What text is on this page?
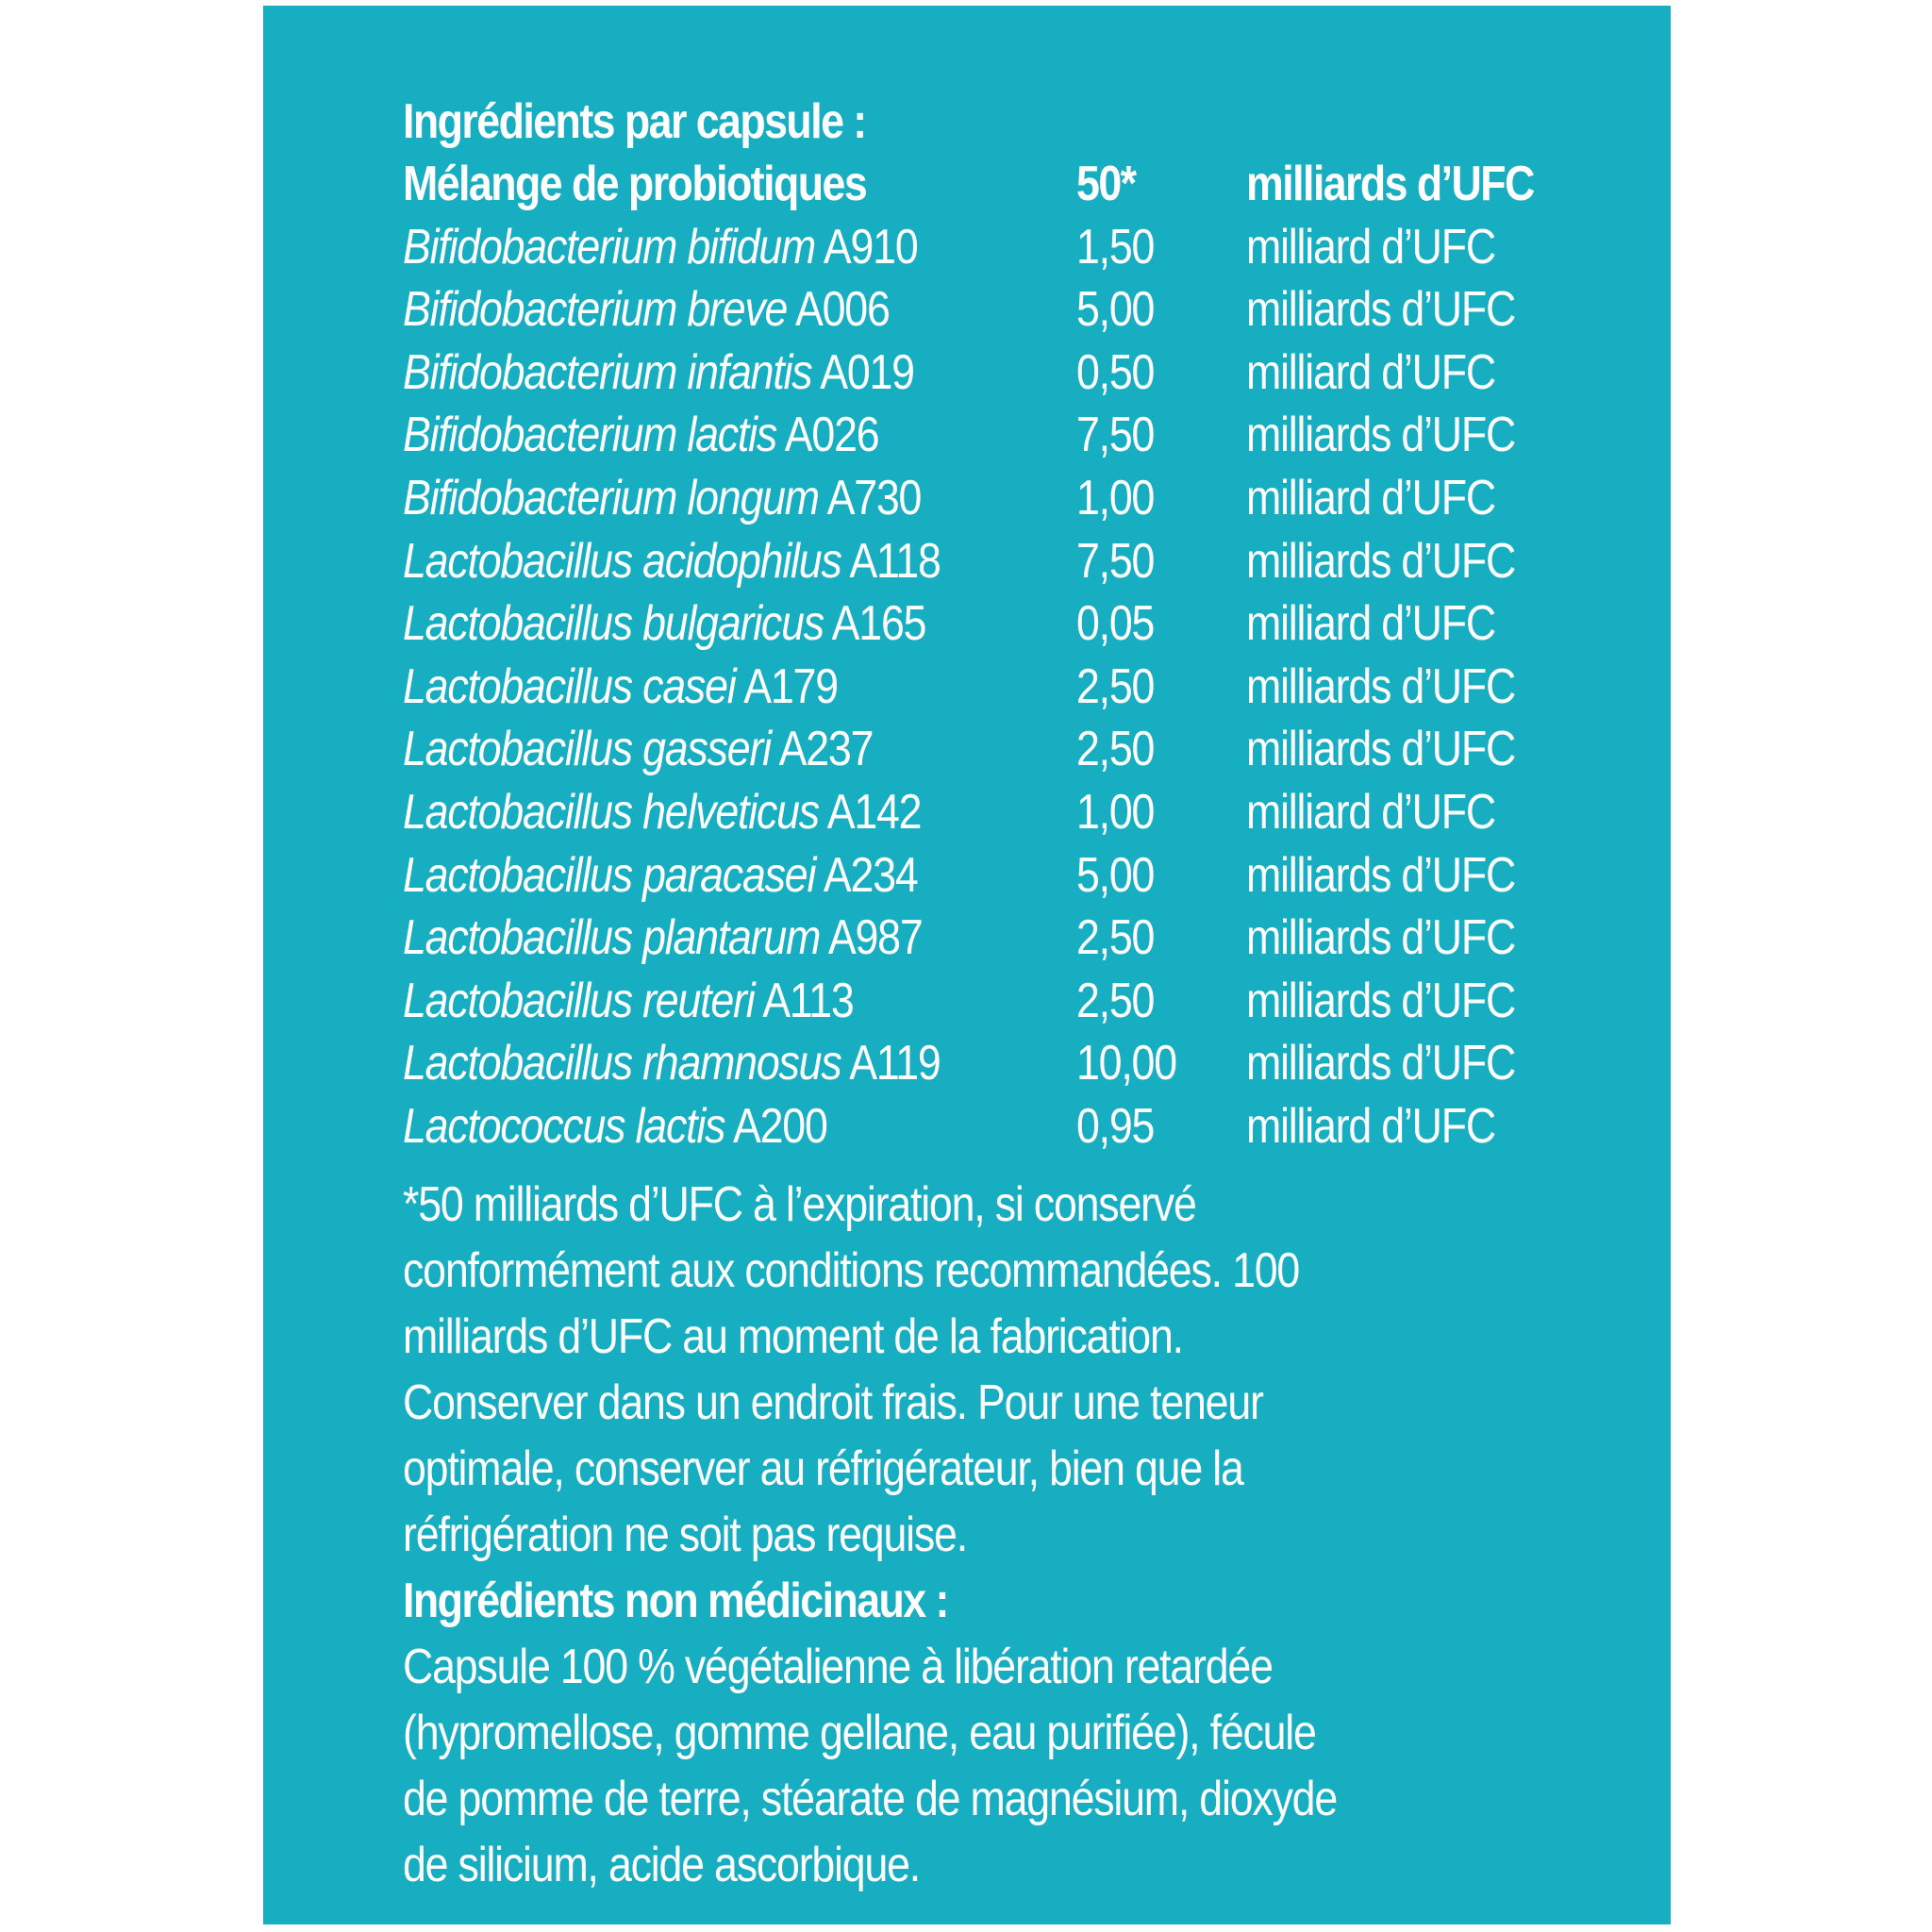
Ingrédients par capsule :
Mélange de probiotiques	50* milliards d’UFC
Bifidobacterium bifidum A910	1,50 milliard d’UFC
Bifidobacterium breve A006	5,00 milliards d’UFC
Bifidobacterium infantis A019	0,50 milliard d’UFC
Bifidobacterium lactis A026	7,50 milliards d’UFC
Bifidobacterium longum A730	1,00 milliard d’UFC
Lactobacillus acidophilus A118	7,50 milliards d’UFC
Lactobacillus bulgaricus A165	0,05 milliard d’UFC
Lactobacillus casei A179	2,50 milliards d’UFC
Lactobacillus gasseri A237	2,50 milliards d’UFC
Lactobacillus helveticus A142	1,00 milliard d’UFC
Lactobacillus paracasei A234	5,00 milliards d’UFC
Lactobacillus plantarum A987	2,50 milliards d’UFC
Lactobacillus reuteri A113	2,50 milliards d’UFC
Lactobacillus rhamnosus A119	10,00 milliards d’UFC
Lactococcus lactis A200	0,95 milliard d’UFC

*50 milliards d’UFC à l’expiration, si conservé conformément aux conditions recommandées. 100 milliards d’UFC au moment de la fabrication. Conserver dans un endroit frais. Pour une teneur optimale, conserver au réfrigérateur, bien que la réfrigération ne soit pas requise.

Ingrédients non médicinaux :

Capsule 100 % végétalienne à libération retardée (hypromellose, gomme gellane, eau purifiée), fécule de pomme de terre, stéarate de magnésium, dioxyde de silicium, acide ascorbique.
